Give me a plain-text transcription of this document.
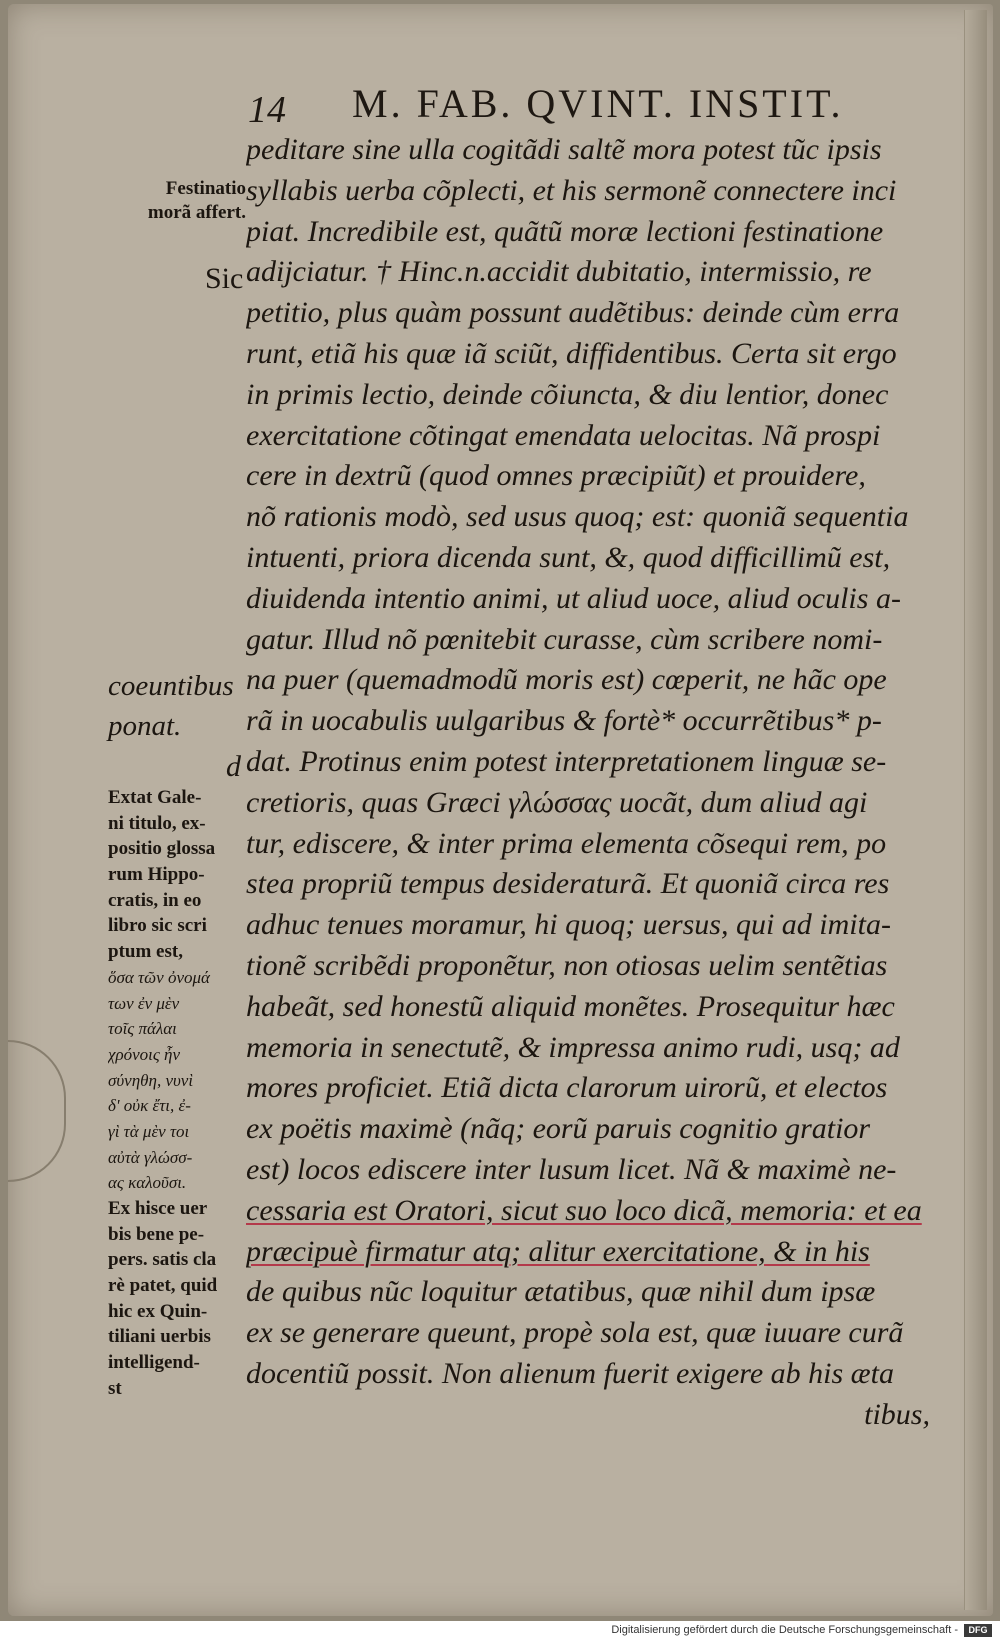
14 M. FAB. QVINT. INSTIT.
peditare sine ulla cogitãdi saltẽ mora potest tũc ipsis
syllabis uerba cõplecti, et his sermonẽ connectere inci
piat. Incredibile est, quãtũ moræ lectioni festinatione
adijciatur. † Hinc.n.accidit dubitatio, intermissio, re
petitio, plus quàm possunt audẽtibus: deinde cùm erra
runt, etiã his quæ iã sciũt, diffidentibus. Certa sit ergo
in primis lectio, deinde cõiuncta, & diu lentior, donec
exercitatione cõtingat emendata uelocitas. Nã prospi
cere in dextrũ (quod omnes præcipiũt) et prouidere,
nõ rationis modò, sed usus quoq; est: quoniã sequentia
intuenti, priora dicenda sunt, &, quod difficillimũ est,
diuidenda intentio animi, ut aliud uoce, aliud oculis a-
gatur. Illud nõ pœnitebit curasse, cùm scribere nomi-
na puer (quemadmodũ moris est) cœperit, ne hãc ope
rã in uocabulis uulgaribus & fortè* occurrẽtibus* p-
dat. Protinus enim potest interpretationem linguæ se-
cretioris, quas Græci γλώσσας uocãt, dum aliud agi
tur, ediscere, & inter prima elementa cõsequi rem, po
stea propriũ tempus desideraturã. Et quoniã circa res
adhuc tenues moramur, hi quoq; uersus, qui ad imita-
tionẽ scribẽdi proponẽtur, non otiosas uelim sentẽtias
habeãt, sed honestũ aliquid monẽtes. Prosequitur hæc
memoria in senectutẽ, & impressa animo rudi, usq; ad
mores proficiet. Etiã dicta clarorum uirorũ, et electos
ex poëtis maximè (nãq; eorũ paruis cognitio gratior
est) locos ediscere inter lusum licet. Nã & maximè ne-
cessaria est Oratori, sicut suo loco dicã, memoria: et ea
præcipuè firmatur atq; alitur exercitatione, & in his
de quibus nũc loquitur ætatibus, quæ nihil dum ipsæ
ex se generare queunt, propè sola est, quæ iuuare curã
docentiũ possit. Non alienum fuerit exigere ab his æta
tibus,
Festinatio
morã affert.
Sic
coeuntibus
ponat.
d
Extat Gale-
ni titulo, ex-
positio glossa
rum Hippo-
cratis, in eo
libro sic scri
ptum est,
ὅσα τῶν ὀνομά
των ἐν μὲν
τοῖς πάλαι
χρόνοις ἦν
σύνηθη, νυνὶ
δ' οὐκ ἔτι, ἐ-
γὶ τὰ μὲν τοι
αὐτὰ γλώσσ-
ας καλοῦσι.
Ex hisce uer
bis bene pe-
pers. satis cla
rè patet, quid
hic ex Quin-
tiliani uerbis
intelligend-
st
Digitalisierung gefördert durch die Deutsche Forschungsgemeinschaft -	DFG
